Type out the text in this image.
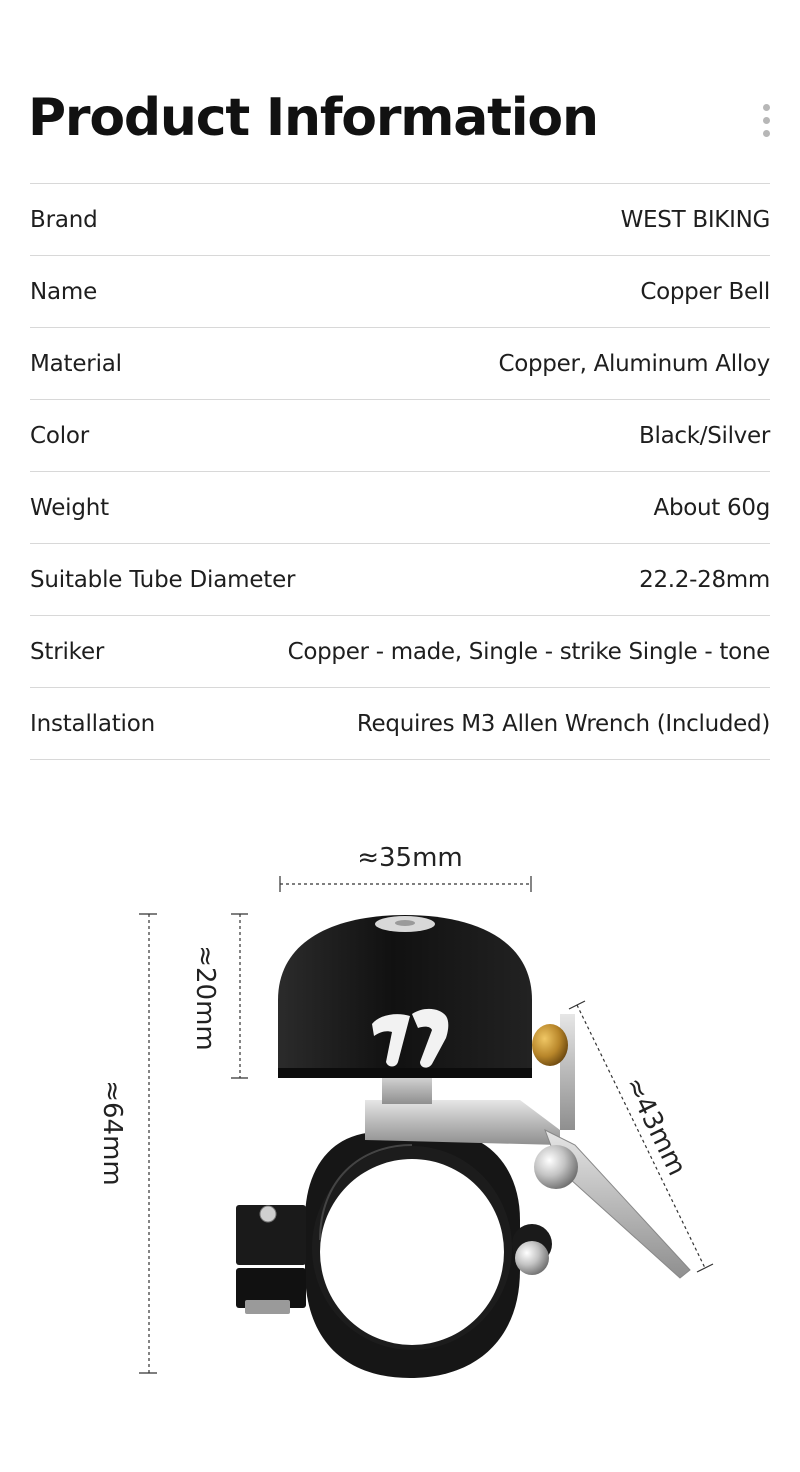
Product Information
Brand	WEST BIKING
Name	Copper Bell
Material	Copper, Aluminum Alloy
Color	Black/Silver
Weight	About 60g
Suitable Tube Diameter	22.2-28mm
Striker	Copper - made, Single - strike Single - tone
Installation	Requires M3 Allen Wrench (Included)
≈35mm
≈64mm
≈20mm
≈43mm
